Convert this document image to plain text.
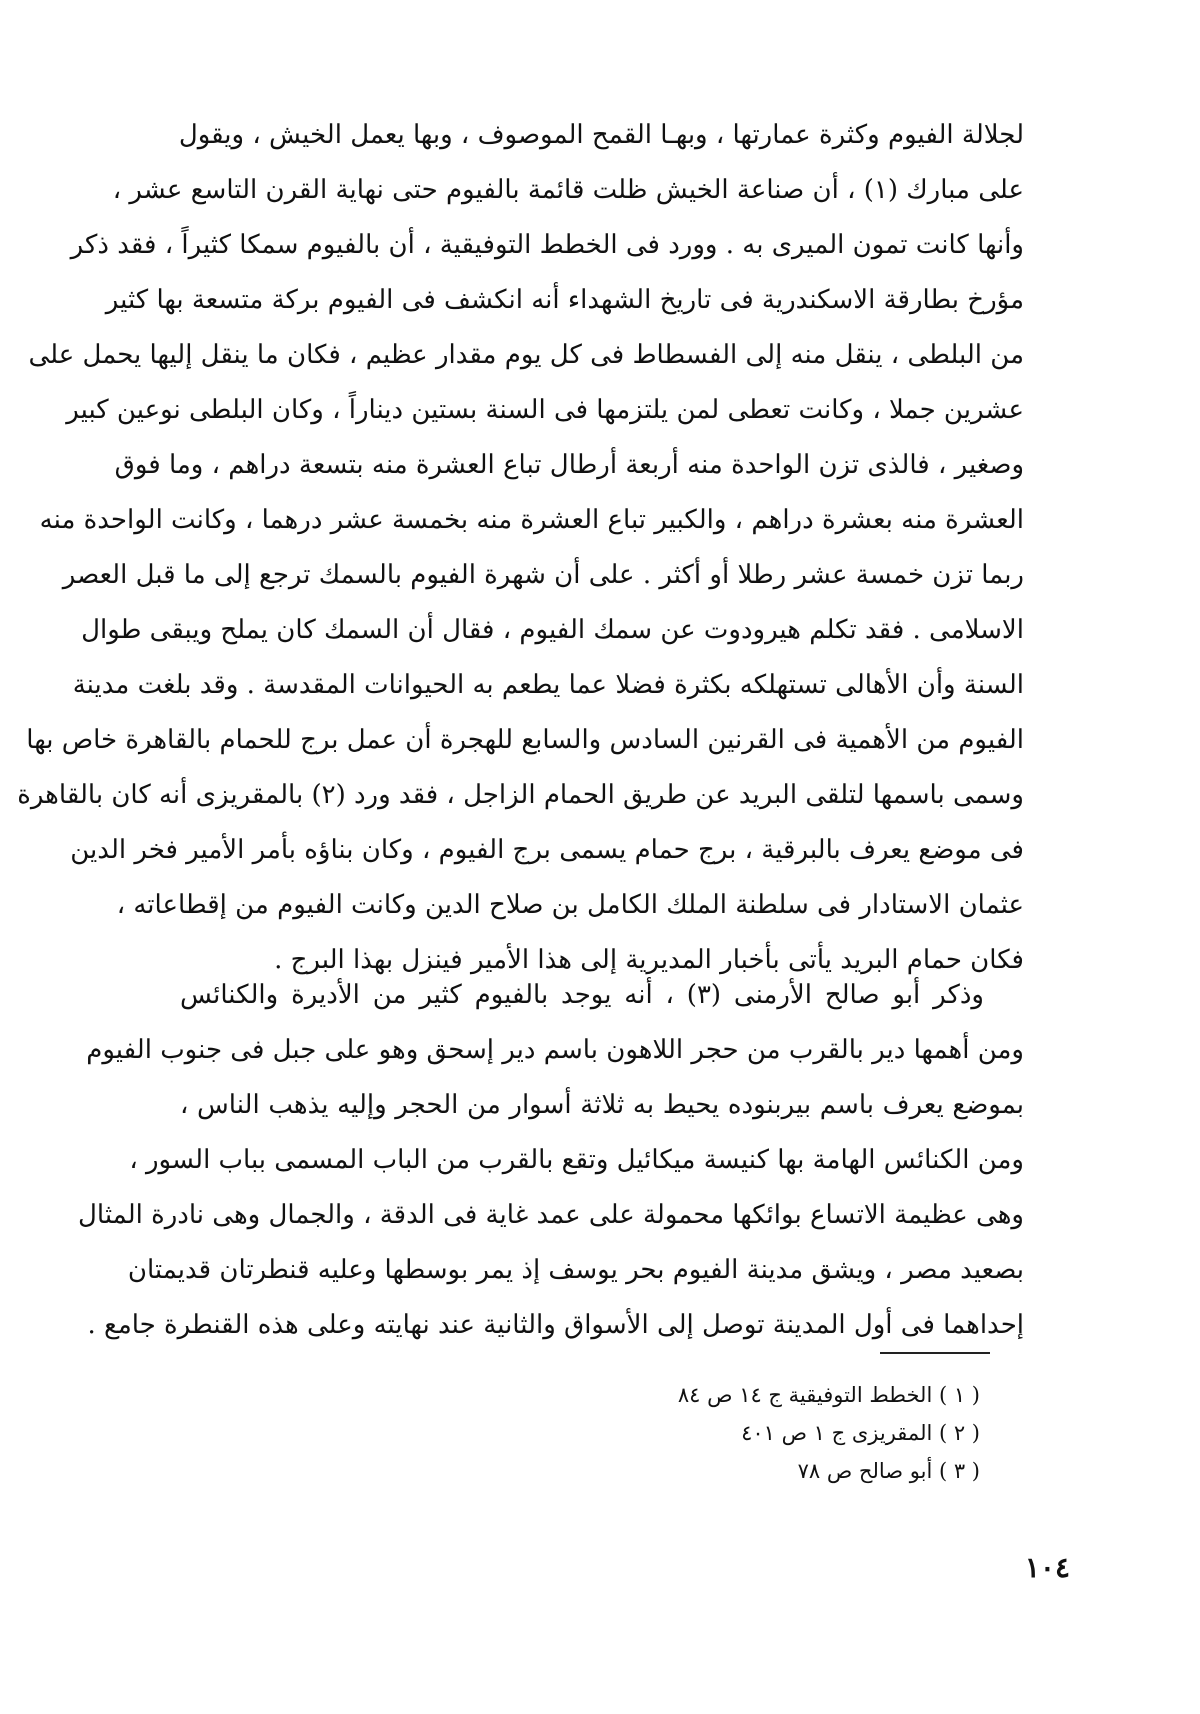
لجلالة الفيوم وكثرة عمارتها ، وبهـا القمح الموصوف ، وبها يعمل الخيش ، ويقول
على مبارك (١) ، أن صناعة الخيش ظلت قائمة بالفيوم حتى نهاية القرن التاسع عشر ،
وأنها كانت تمون الميرى به . وورد فى الخطط التوفيقية ، أن بالفيوم سمكا كثيراً ، فقد ذكر
مؤرخ بطارقة الاسكندرية فى تاريخ الشهداء أنه انكشف فى الفيوم بركة متسعة بها كثير
من البلطى ، ينقل منه إلى الفسطاط فى كل يوم مقدار عظيم ، فكان ما ينقل إليها يحمل على
عشرين جملا ، وكانت تعطى لمن يلتزمها فى السنة بستين ديناراً ، وكان البلطى نوعين كبير
وصغير ، فالذى تزن الواحدة منه أربعة أرطال تباع العشرة منه بتسعة دراهم ، وما فوق
العشرة منه بعشرة دراهم ، والكبير تباع العشرة منه بخمسة عشر درهما ، وكانت الواحدة منه
ربما تزن خمسة عشر رطلا أو أكثر . على أن شهرة الفيوم بالسمك ترجع إلى ما قبل العصر
الاسلامى . فقد تكلم هيرودوت عن سمك الفيوم ، فقال أن السمك كان يملح ويبقى طوال
السنة وأن الأهالى تستهلكه بكثرة فضلا عما يطعم به الحيوانات المقدسة . وقد بلغت مدينة
الفيوم من الأهمية فى القرنين السادس والسابع للهجرة أن عمل برج للحمام بالقاهرة خاص بها
وسمى باسمها لتلقى البريد عن طريق الحمام الزاجل ، فقد ورد (٢) بالمقريزى أنه كان بالقاهرة
فى موضع يعرف بالبرقية ، برج حمام يسمى برج الفيوم ، وكان بناؤه بأمر الأمير فخر الدين
عثمان الاستادار فى سلطنة الملك الكامل بن صلاح الدين وكانت الفيوم من إقطاعاته ،
فكان حمام البريد يأتى بأخبار المديرية إلى هذا الأمير فينزل بهذا البرج .
وذكر أبو صالح الأرمنى (٣) ، أنه يوجد بالفيوم كثير من الأديرة والكنائس
ومن أهمها دير بالقرب من حجر اللاهون باسم دير إسحق وهو على جبل فى جنوب الفيوم
بموضع يعرف باسم بيربنوده يحيط به ثلاثة أسوار من الحجر وإليه يذهب الناس ،
ومن الكنائس الهامة بها كنيسة ميكائيل وتقع بالقرب من الباب المسمى بباب السور ،
وهى عظيمة الاتساع بوائكها محمولة على عمد غاية فى الدقة ، والجمال وهى نادرة المثال
بصعيد مصر ، ويشق مدينة الفيوم بحر يوسف إذ يمر بوسطها وعليه قنطرتان قديمتان
إحداهما فى أول المدينة توصل إلى الأسواق والثانية عند نهايته وعلى هذه القنطرة جامع .
( ١ ) الخطط التوفيقية ج ١٤ ص ٨٤
( ٢ ) المقريزى ج ١ ص ٤٠١
( ٣ ) أبو صالح ص ٧٨
١٠٤
